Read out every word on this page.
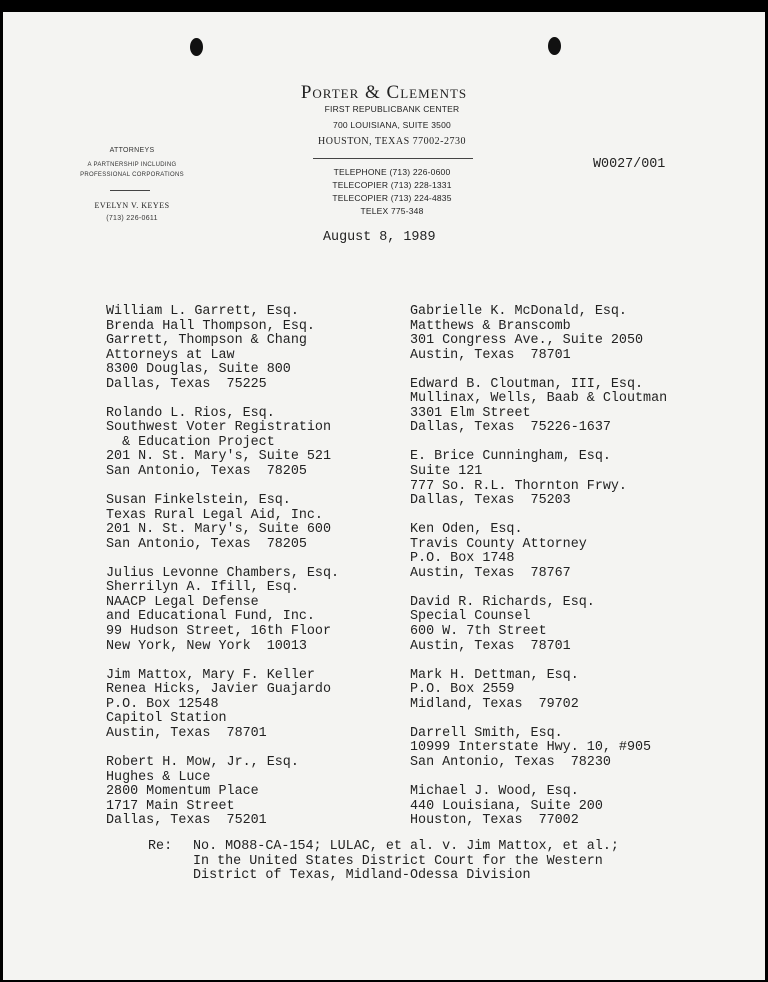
Porter & Clements
FIRST REPUBLICBANK CENTER
700 LOUISIANA, SUITE 3500
HOUSTON, TEXAS 77002-2730
TELEPHONE (713) 226-0600
TELECOPIER (713) 228-1331
TELECOPIER (713) 224-4835
TELEX 775-348
ATTORNEYS
A PARTNERSHIP INCLUDING
PROFESSIONAL CORPORATIONS
EVELYN V. KEYES
(713) 226-0611
W0027/001
August 8, 1989
William L. Garrett, Esq.
Brenda Hall Thompson, Esq.
Garrett, Thompson & Chang
Attorneys at Law
8300 Douglas, Suite 800
Dallas, Texas  75225
Rolando L. Rios, Esq.
Southwest Voter Registration
& Education Project
201 N. St. Mary's, Suite 521
San Antonio, Texas  78205
Susan Finkelstein, Esq.
Texas Rural Legal Aid, Inc.
201 N. St. Mary's, Suite 600
San Antonio, Texas  78205
Julius Levonne Chambers, Esq.
Sherrilyn A. Ifill, Esq.
NAACP Legal Defense
and Educational Fund, Inc.
99 Hudson Street, 16th Floor
New York, New York  10013
Jim Mattox, Mary F. Keller
Renea Hicks, Javier Guajardo
P.O. Box 12548
Capitol Station
Austin, Texas  78701
Robert H. Mow, Jr., Esq.
Hughes & Luce
2800 Momentum Place
1717 Main Street
Dallas, Texas  75201
Gabrielle K. McDonald, Esq.
Matthews & Branscomb
301 Congress Ave., Suite 2050
Austin, Texas  78701
Edward B. Cloutman, III, Esq.
Mullinax, Wells, Baab & Cloutman
3301 Elm Street
Dallas, Texas  75226-1637
E. Brice Cunningham, Esq.
Suite 121
777 So. R.L. Thornton Frwy.
Dallas, Texas  75203
Ken Oden, Esq.
Travis County Attorney
P.O. Box 1748
Austin, Texas  78767
David R. Richards, Esq.
Special Counsel
600 W. 7th Street
Austin, Texas  78701
Mark H. Dettman, Esq.
P.O. Box 2559
Midland, Texas  79702
Darrell Smith, Esq.
10999 Interstate Hwy. 10, #905
San Antonio, Texas  78230
Michael J. Wood, Esq.
440 Louisiana, Suite 200
Houston, Texas  77002
Re: No. MO88-CA-154; LULAC, et al. v. Jim Mattox, et al.;
In the United States District Court for the Western
District of Texas, Midland-Odessa Division
